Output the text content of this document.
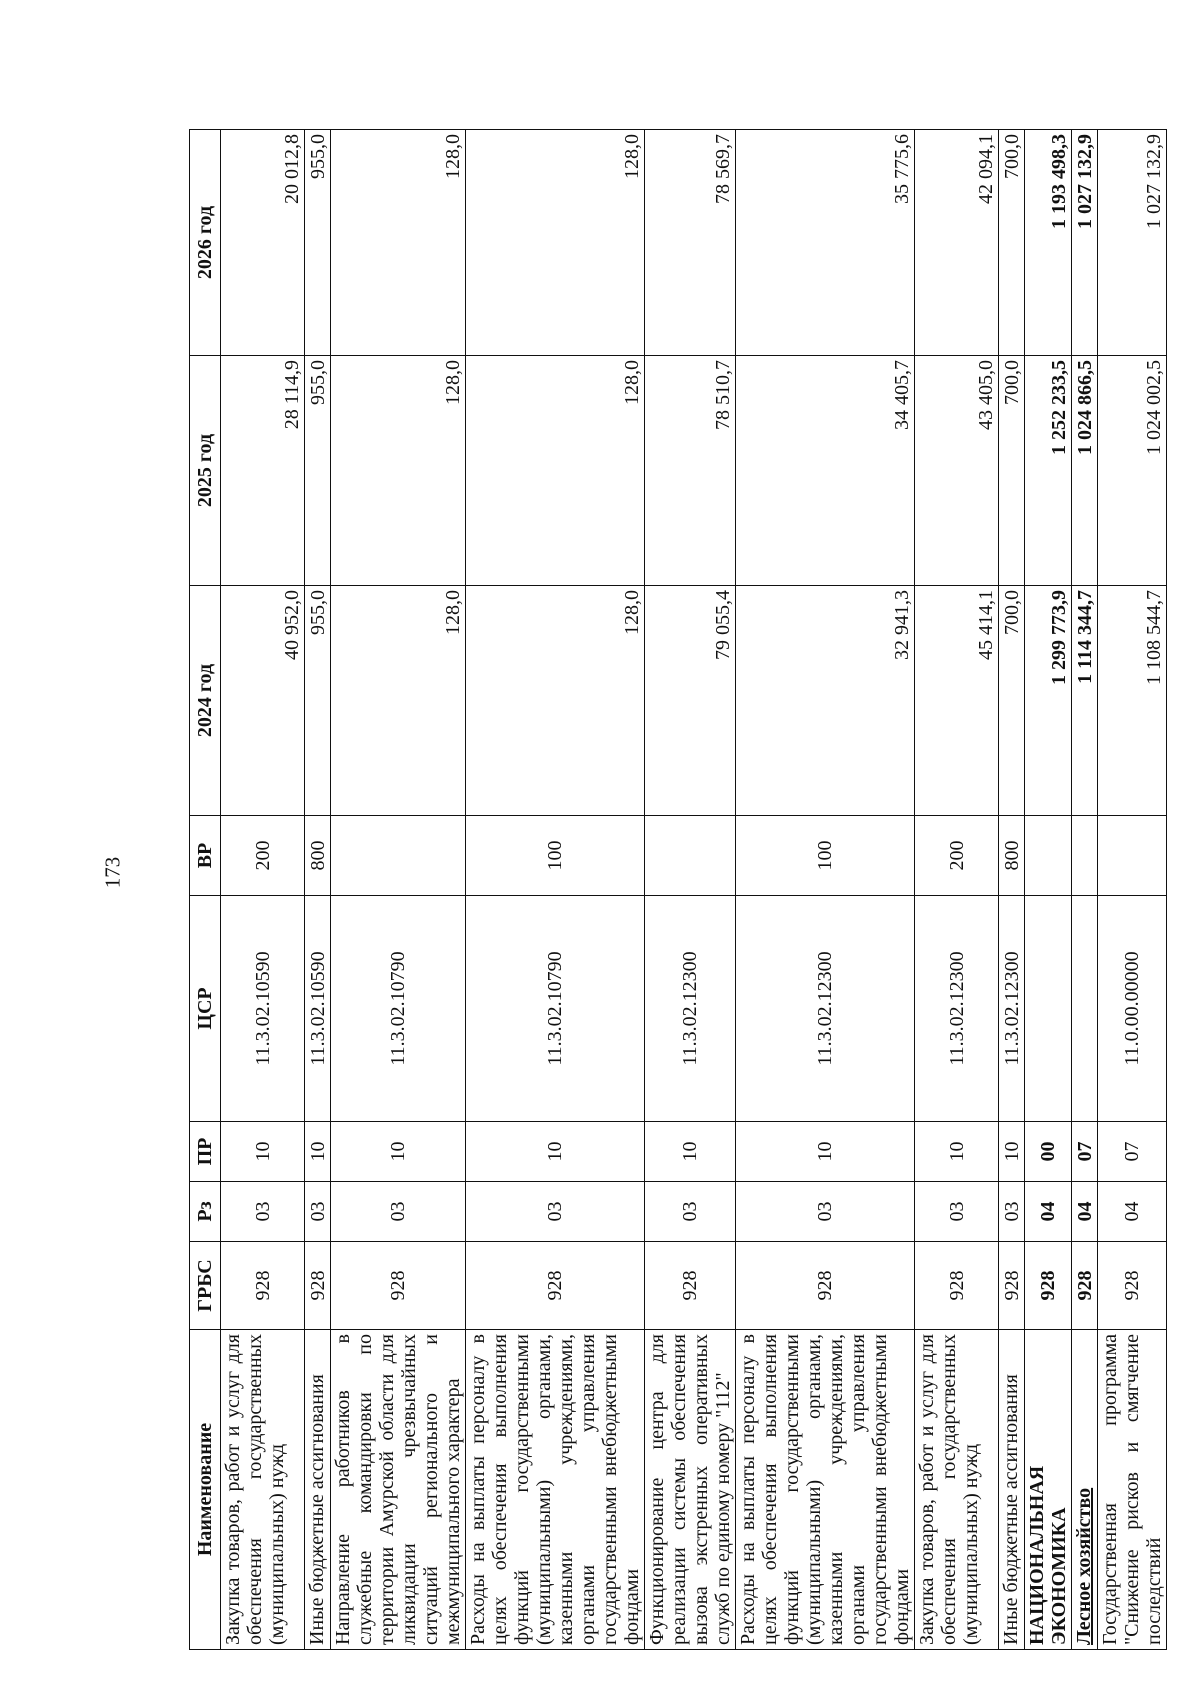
173
Наименование	ГРБС	Рз	ПР	ЦСР	ВР	2024 год	2025 год	2026 год
Закупка товаров, работ и услуг для обеспечения государственных (муниципальных) нужд	928	03	10	11.3.02.10590	200	40 952,0	28 114,9	20 012,8
Иные бюджетные ассигнования	928	03	10	11.3.02.10590	800	955,0	955,0	955,0
Направление работников в служебные командировки по территории Амурской области для ликвидации чрезвычайных ситуаций регионального и межмуниципального характера	928	03	10	11.3.02.10790		128,0	128,0	128,0
Расходы на выплаты персоналу в целях обеспечения выполнения функций государственными (муниципальными) органами, казенными учреждениями, органами управления государственными внебюджетными фондами	928	03	10	11.3.02.10790	100	128,0	128,0	128,0
Функционирование центра для реализации системы обеспечения вызова экстренных оперативных служб по единому номеру "112"	928	03	10	11.3.02.12300		79 055,4	78 510,7	78 569,7
Расходы на выплаты персоналу в целях обеспечения выполнения функций государственными (муниципальными) органами, казенными учреждениями, органами управления государственными внебюджетными фондами	928	03	10	11.3.02.12300	100	32 941,3	34 405,7	35 775,6
Закупка товаров, работ и услуг для обеспечения государственных (муниципальных) нужд	928	03	10	11.3.02.12300	200	45 414,1	43 405,0	42 094,1
Иные бюджетные ассигнования	928	03	10	11.3.02.12300	800	700,0	700,0	700,0
НАЦИОНАЛЬНАЯ ЭКОНОМИКА	928	04	00			1 299 773,9	1 252 233,5	1 193 498,3
Лесное хозяйство	928	04	07			1 114 344,7	1 024 866,5	1 027 132,9
Государственная программа "Снижение рисков и смягчение последствий	928	04	07	11.0.00.00000		1 108 544,7	1 024 002,5	1 027 132,9
